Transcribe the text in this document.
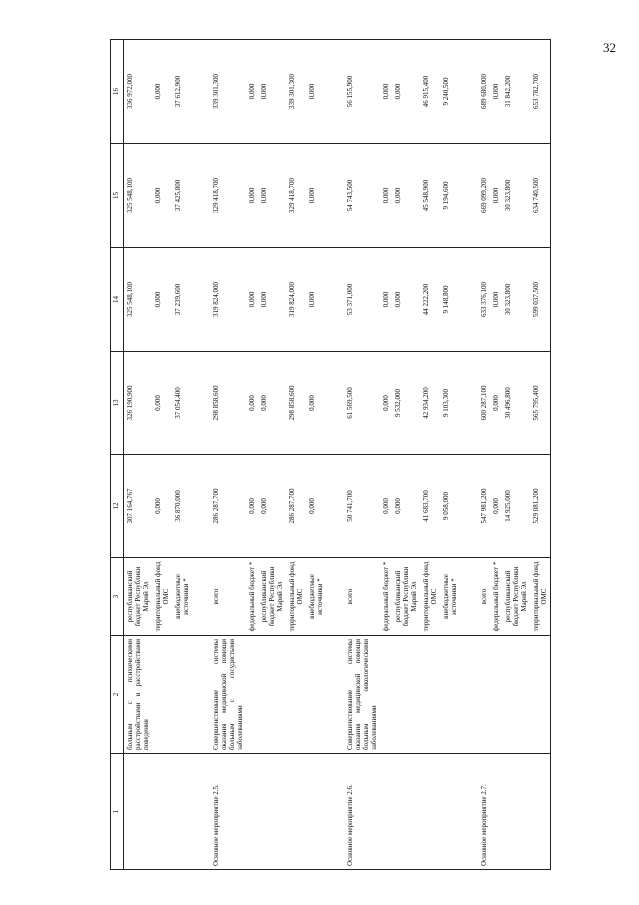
32
1	2	3	12	13	14	15	16
	больным с психическими расстройствами и расстройствами поведения	республиканский бюджет Республики Марий Эл	307 164,767	326 190,900	325 548,100	325 548,100	336 972,000
		территориальный фонд ОМС	0,000	0,000	0,000	0,000	0,000
		внебюджетные источники *	36 870,000	37 054,400	37 239,600	37 425,800	37 612,900

Основное мероприятие 2.5.	Совершенствование системы оказания медицинской помощи больным с сосудистыми заболеваниями	всего	286 287,700	298 858,600	319 824,000	329 418,700	339 301,300
		федеральный бюджет *	0,000	0,000	0,000	0,000	0,000
		республиканский бюджет Республики Марий Эл	0,000	0,000	0,000	0,000	0,000
		территориальный фонд ОМС	286 287,700	298 858,600	319 824,000	329 418,700	339 301,300
		внебюджетные источники *	0,000	0,000	0,000	0,000	0,000

Основное мероприятие 2.6.	Совершенствование системы оказания медицинской помощи больным онкологическими заболеваниями	всего	50 741,700	61 569,500	53 371,000	54 743,500	56 155,900
		федеральный бюджет *	0,000	0,000	0,000	0,000	0,000
		республиканский бюджет Республики Марий Эл	0,000	9 532,000	0,000	0,000	0,000
		территориальный фонд ОМС	41 683,700	42 934,200	44 222,200	45 548,900	46 915,400
		внебюджетные источники *	9 058,000	9 103,300	9 148,800	9 194,600	9 240,500

Основное мероприятие 2.7.		всего	547 981,200	600 287,100	633 376,100	669 099,200	689 680,000
		федеральный бюджет *	0,000	0,000	0,000	0,000	0,000
		республиканский бюджет Республики Марий Эл	14 925,000	30 496,800	30 323,800	30 323,800	31 842,200
		территориальный фонд ОМС	529 081,200	565 795,400	599 037,500	634 740,500	653 782,700
